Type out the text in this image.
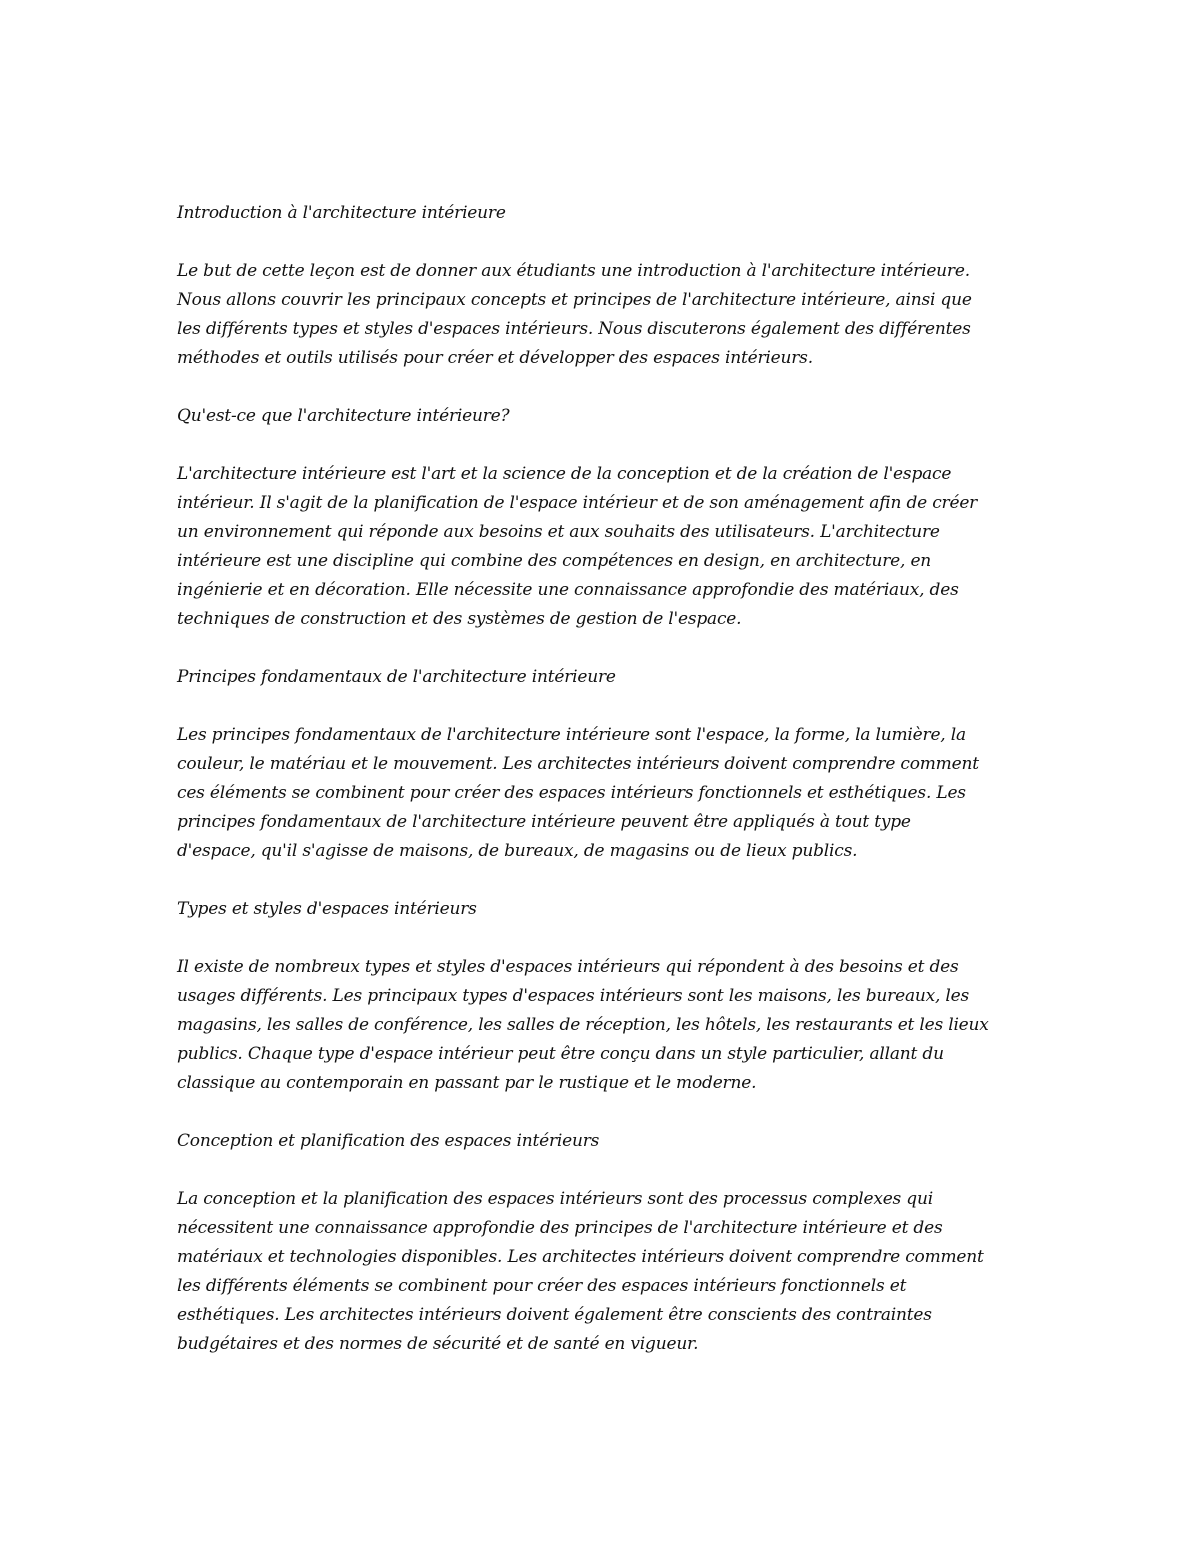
Introduction à l'architecture intérieure

Le but de cette leçon est de donner aux étudiants une introduction à l'architecture intérieure.
Nous allons couvrir les principaux concepts et principes de l'architecture intérieure, ainsi que
les différents types et styles d'espaces intérieurs. Nous discuterons également des différentes
méthodes et outils utilisés pour créer et développer des espaces intérieurs.

Qu'est-ce que l'architecture intérieure?

L'architecture intérieure est l'art et la science de la conception et de la création de l'espace
intérieur. Il s'agit de la planification de l'espace intérieur et de son aménagement afin de créer
un environnement qui réponde aux besoins et aux souhaits des utilisateurs. L'architecture
intérieure est une discipline qui combine des compétences en design, en architecture, en
ingénierie et en décoration. Elle nécessite une connaissance approfondie des matériaux, des
techniques de construction et des systèmes de gestion de l'espace.

Principes fondamentaux de l'architecture intérieure

Les principes fondamentaux de l'architecture intérieure sont l'espace, la forme, la lumière, la
couleur, le matériau et le mouvement. Les architectes intérieurs doivent comprendre comment
ces éléments se combinent pour créer des espaces intérieurs fonctionnels et esthétiques. Les
principes fondamentaux de l'architecture intérieure peuvent être appliqués à tout type
d'espace, qu'il s'agisse de maisons, de bureaux, de magasins ou de lieux publics.

Types et styles d'espaces intérieurs

Il existe de nombreux types et styles d'espaces intérieurs qui répondent à des besoins et des
usages différents. Les principaux types d'espaces intérieurs sont les maisons, les bureaux, les
magasins, les salles de conférence, les salles de réception, les hôtels, les restaurants et les lieux
publics. Chaque type d'espace intérieur peut être conçu dans un style particulier, allant du
classique au contemporain en passant par le rustique et le moderne.

Conception et planification des espaces intérieurs

La conception et la planification des espaces intérieurs sont des processus complexes qui
nécessitent une connaissance approfondie des principes de l'architecture intérieure et des
matériaux et technologies disponibles. Les architectes intérieurs doivent comprendre comment
les différents éléments se combinent pour créer des espaces intérieurs fonctionnels et
esthétiques. Les architectes intérieurs doivent également être conscients des contraintes
budgétaires et des normes de sécurité et de santé en vigueur.
